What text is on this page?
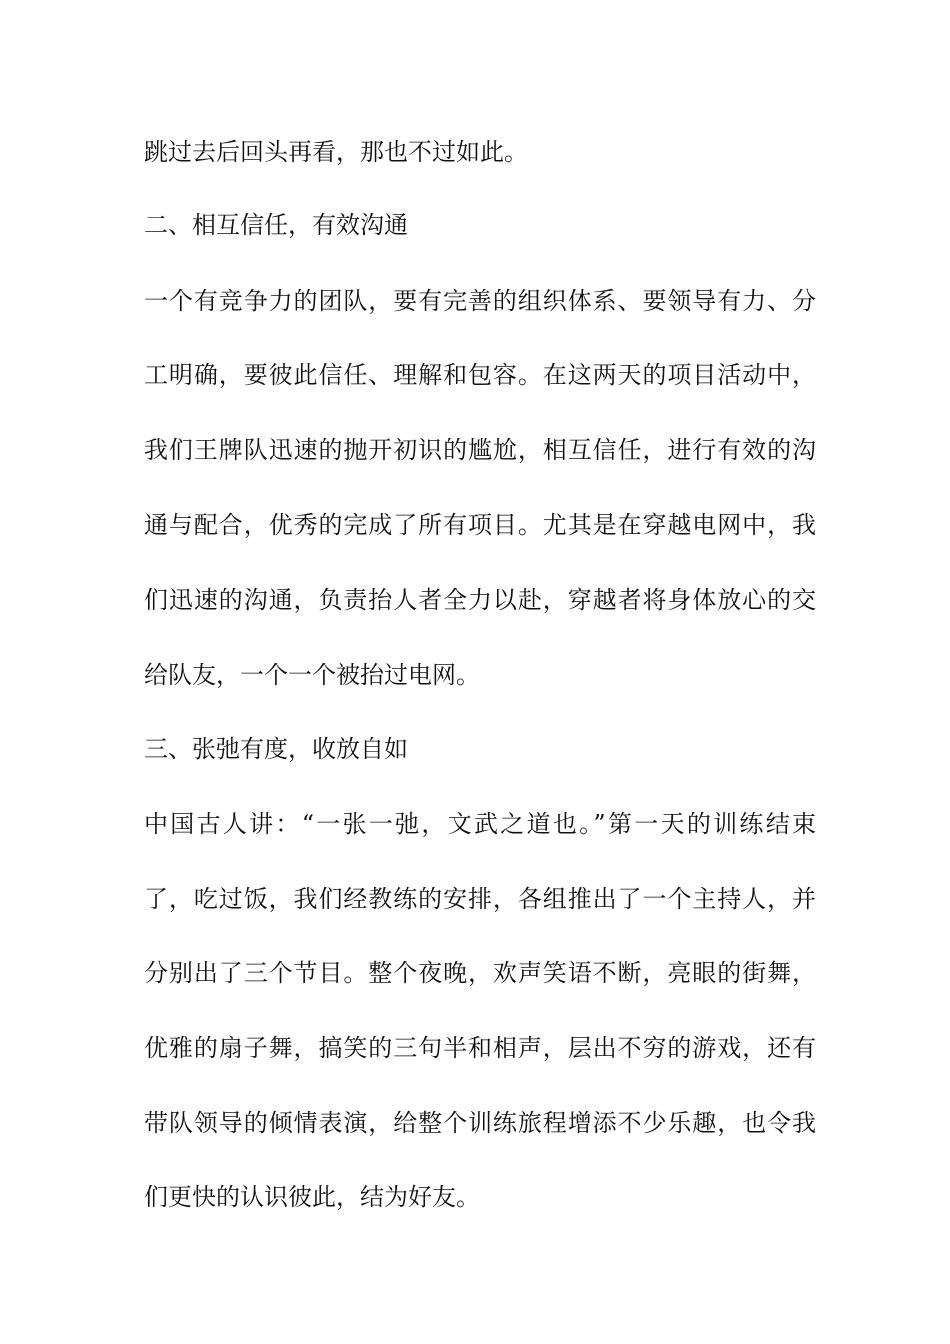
跳过去后回头再看，那也不过如此。
二、相互信任，有效沟通
一个有竞争力的团队，要有完善的组织体系、要领导有力、分
工明确，要彼此信任、理解和包容。在这两天的项目活动中，
我们王牌队迅速的抛开初识的尴尬，相互信任，进行有效的沟
通与配合，优秀的完成了所有项目。尤其是在穿越电网中，我
们迅速的沟通，负责抬人者全力以赴，穿越者将身体放心的交
给队友，一个一个被抬过电网。
三、张弛有度，收放自如
中国古人讲：“一张一弛，文武之道也。”第一天的训练结束
了，吃过饭，我们经教练的安排，各组推出了一个主持人，并
分别出了三个节目。整个夜晚，欢声笑语不断，亮眼的街舞，
优雅的扇子舞，搞笑的三句半和相声，层出不穷的游戏，还有
带队领导的倾情表演，给整个训练旅程增添不少乐趣，也令我
们更快的认识彼此，结为好友。
